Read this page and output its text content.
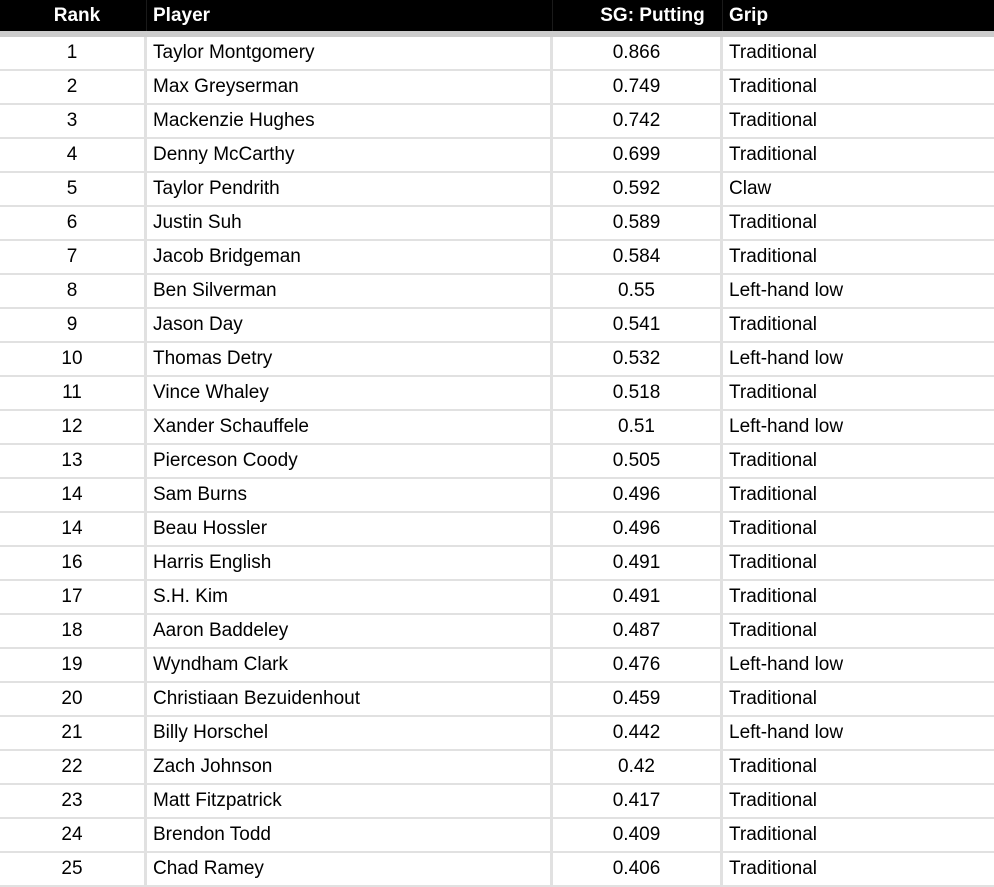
Rank	Player	SG: Putting	Grip
1	Taylor Montgomery	0.866	Traditional
2	Max Greyserman	0.749	Traditional
3	Mackenzie Hughes	0.742	Traditional
4	Denny McCarthy	0.699	Traditional
5	Taylor Pendrith	0.592	Claw
6	Justin Suh	0.589	Traditional
7	Jacob Bridgeman	0.584	Traditional
8	Ben Silverman	0.55	Left-hand low
9	Jason Day	0.541	Traditional
10	Thomas Detry	0.532	Left-hand low
11	Vince Whaley	0.518	Traditional
12	Xander Schauffele	0.51	Left-hand low
13	Pierceson Coody	0.505	Traditional
14	Sam Burns	0.496	Traditional
14	Beau Hossler	0.496	Traditional
16	Harris English	0.491	Traditional
17	S.H. Kim	0.491	Traditional
18	Aaron Baddeley	0.487	Traditional
19	Wyndham Clark	0.476	Left-hand low
20	Christiaan Bezuidenhout	0.459	Traditional
21	Billy Horschel	0.442	Left-hand low
22	Zach Johnson	0.42	Traditional
23	Matt Fitzpatrick	0.417	Traditional
24	Brendon Todd	0.409	Traditional
25	Chad Ramey	0.406	Traditional
